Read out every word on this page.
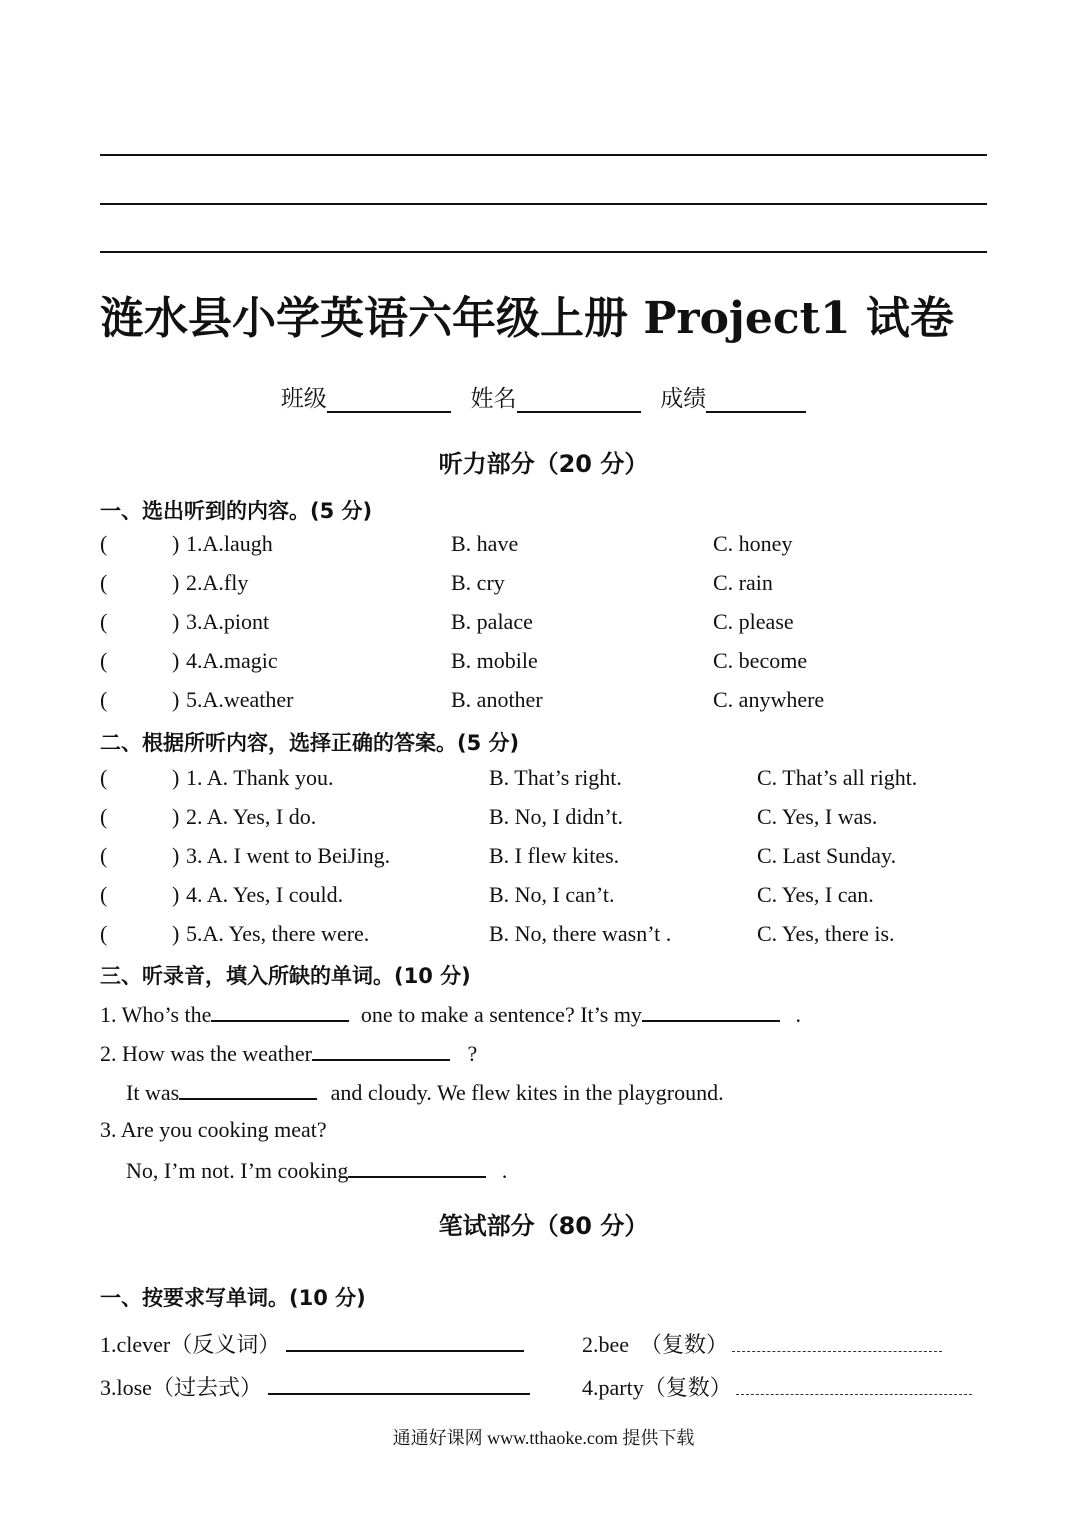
涟水县小学英语六年级上册 Project1 试卷
班级	姓名	成绩
听力部分（20 分）
一、选出听到的内容。(5 分)
(	) 1.A.laugh	B. have	C. honey
(	) 2.A.fly	B. cry	C. rain
(	) 3.A.piont	B. palace	C. please
(	) 4.A.magic	B. mobile	C. become
(	) 5.A.weather	B. another	C. anywhere
二、根据所听内容，选择正确的答案。(5 分)
(	) 1. A. Thank you.	B. That’s right.	C. That’s all right.
(	) 2. A. Yes, I do.	B. No, I didn’t.	C. Yes, I was.
(	) 3. A. I went to BeiJing.	B. I flew kites.	C. Last Sunday.
(	) 4. A. Yes, I could.	B. No, I can’t.	C. Yes, I can.
(	) 5.A. Yes, there were.	B. No, there wasn’t .	C. Yes, there is.
三、听录音，填入所缺的单词。(10 分)
1. Who’s the	one to make a sentence? It’s my	.
2. How was the weather	?
It was	and cloudy. We flew kites in the playground.
3. Are you cooking meat?
No, I’m not. I’m cooking	.
笔试部分（80 分）
一、按要求写单词。(10 分)
1.clever（反义词）	2.bee　（复数）
3.lose（过去式）	4.party（复数）
通通好课网 www.tthaoke.com 提供下载
